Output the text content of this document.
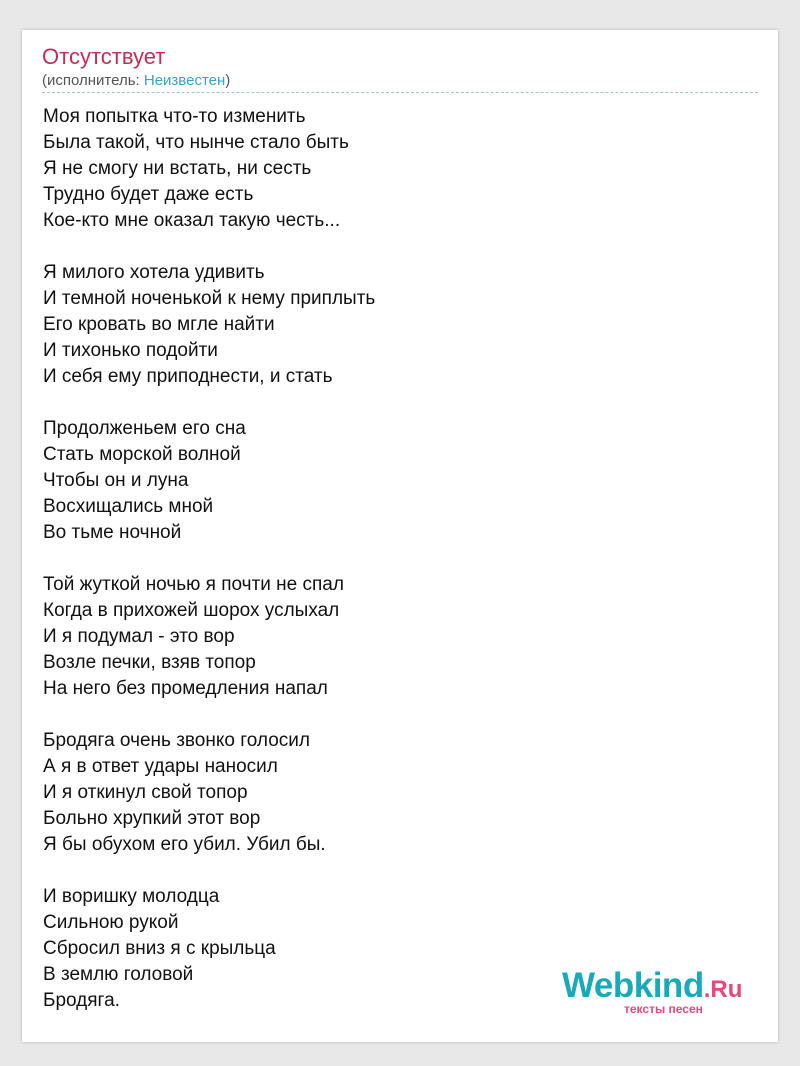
Отсутствует
(исполнитель: Неизвестен)
Моя попытка что-то изменить
Была такой, что нынче стало быть
Я не смогу ни встать, ни сесть
Трудно будет даже есть
Кое-кто мне оказал такую честь...
Я милого хотела удивить
И темной ноченькой к нему приплыть
Его кровать во мгле найти
И тихонько подойти
И себя ему приподнести, и стать
Продолженьем его сна
Стать морской волной
Чтобы он и луна
Восхищались мной
Во тьме ночной
Той жуткой ночью я почти не спал
Когда в прихожей шорох услыхал
И я подумал - это вор
Возле печки, взяв топор
На него без промедления напал
Бродяга очень звонко голосил
А я в ответ удары наносил
И я откинул свой топор
Больно хрупкий этот вор
Я бы обухом его убил. Убил бы.
И воришку молодца
Сильною рукой
Сбросил вниз я с крыльца
В землю головой
Бродяга.	Webkind.Ru
тексты песен
